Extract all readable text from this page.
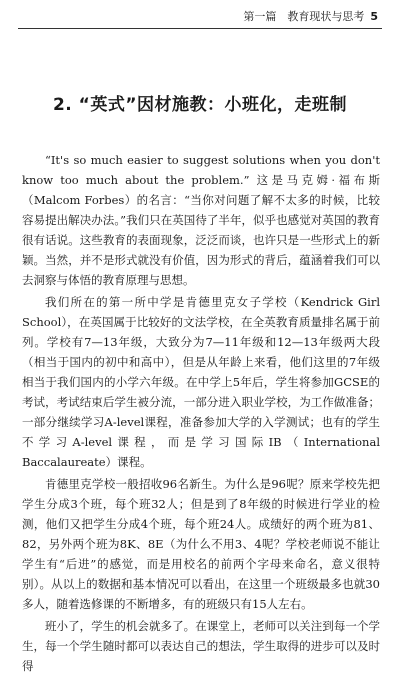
第一篇　教育现状与思考 5
2. “英式”因材施教：小班化，走班制

“It's so much easier to suggest solutions when you don't know too much about the problem.” 这是马克姆·福布斯（Malcom Forbes）的名言：“当你对问题了解不太多的时候，比较容易提出解决办法。”我们只在英国待了半年，似乎也感觉对英国的教育很有话说。这些教育的表面现象，泛泛而谈，也许只是一些形式上的新颖。当然，并不是形式就没有价值，因为形式的背后，蕴涵着我们可以去洞察与体悟的教育原理与思想。

我们所在的第一所中学是肯德里克女子学校（Kendrick Girl School），在英国属于比较好的文法学校，在全英教育质量排名属于前列。学校有7—13年级，大致分为7—11年级和12—13年级两大段（相当于国内的初中和高中），但是从年龄上来看，他们这里的7年级相当于我们国内的小学六年级。在中学上5年后，学生将参加GCSE的考试，考试结束后学生被分流，一部分进入职业学校，为工作做准备；一部分继续学习A-level课程，准备参加大学的入学测试；也有的学生不学习A-level课程，而是学习国际IB（International Baccalaureate）课程。

肯德里克学校一般招收96名新生。为什么是96呢？原来学校先把学生分成3个班，每个班32人；但是到了8年级的时候进行学业的检测，他们又把学生分成4个班，每个班24人。成绩好的两个班为81、82，另外两个班为8K、8E（为什么不用3、4呢？学校老师说不能让学生有“后进”的感觉，而是用校名的前两个字母来命名，意义很特别）。从以上的数据和基本情况可以看出，在这里一个班级最多也就30多人，随着选修课的不断增多，有的班级只有15人左右。

班小了，学生的机会就多了。在课堂上，老师可以关注到每一个学生，每一个学生随时都可以表达自己的想法，学生取得的进步可以及时得
